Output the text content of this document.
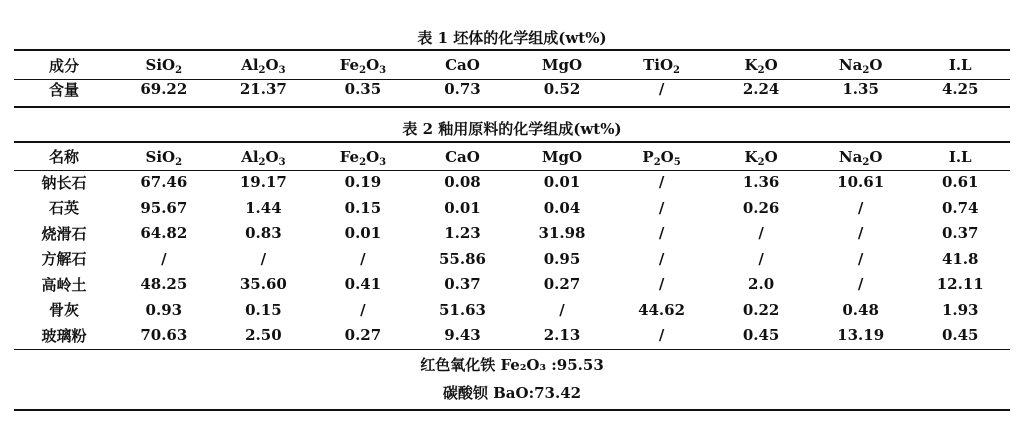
表 1 坯体的化学组成(wt%)
成分	SiO$_2$	$Al_2O_3$	$Fe_2O_3$	CaO	MgO	TiO$_2$	$K_2O$	$Na_2O$	I.L
含量	69.22	21.37	0.35	0.73	0.52	/	2.24	1.35	4.25
表 2 釉用原料的化学组成(wt%)
名称	SiO$_2$	$Al_2O_3$	$Fe_2O_3$	CaO	MgO	$P_2O_5$	$K_2O$	$Na_2O$	I.L
钠长石	67.46	19.17	0.19	0.08	0.01	/	1.36	10.61	0.61
石英	95.67	1.44	0.15	0.01	0.04	/	0.26	/	0.74
烧滑石	64.82	0.83	0.01	1.23	31.98	/	/	/	0.37
方解石	/	/	/	55.86	0.95	/	/	/	41.8
高岭土	48.25	35.60	0.41	0.37	0.27	/	2.0	/	12.11
骨灰	0.93	0.15	/	51.63	/	44.62	0.22	0.48	1.93
玻璃粉	70.63	2.50	0.27	9.43	2.13	/	0.45	13.19	0.45
红色氧化铁 Fe₂O₃ :95.53
碳酸钡 BaO:73.42
